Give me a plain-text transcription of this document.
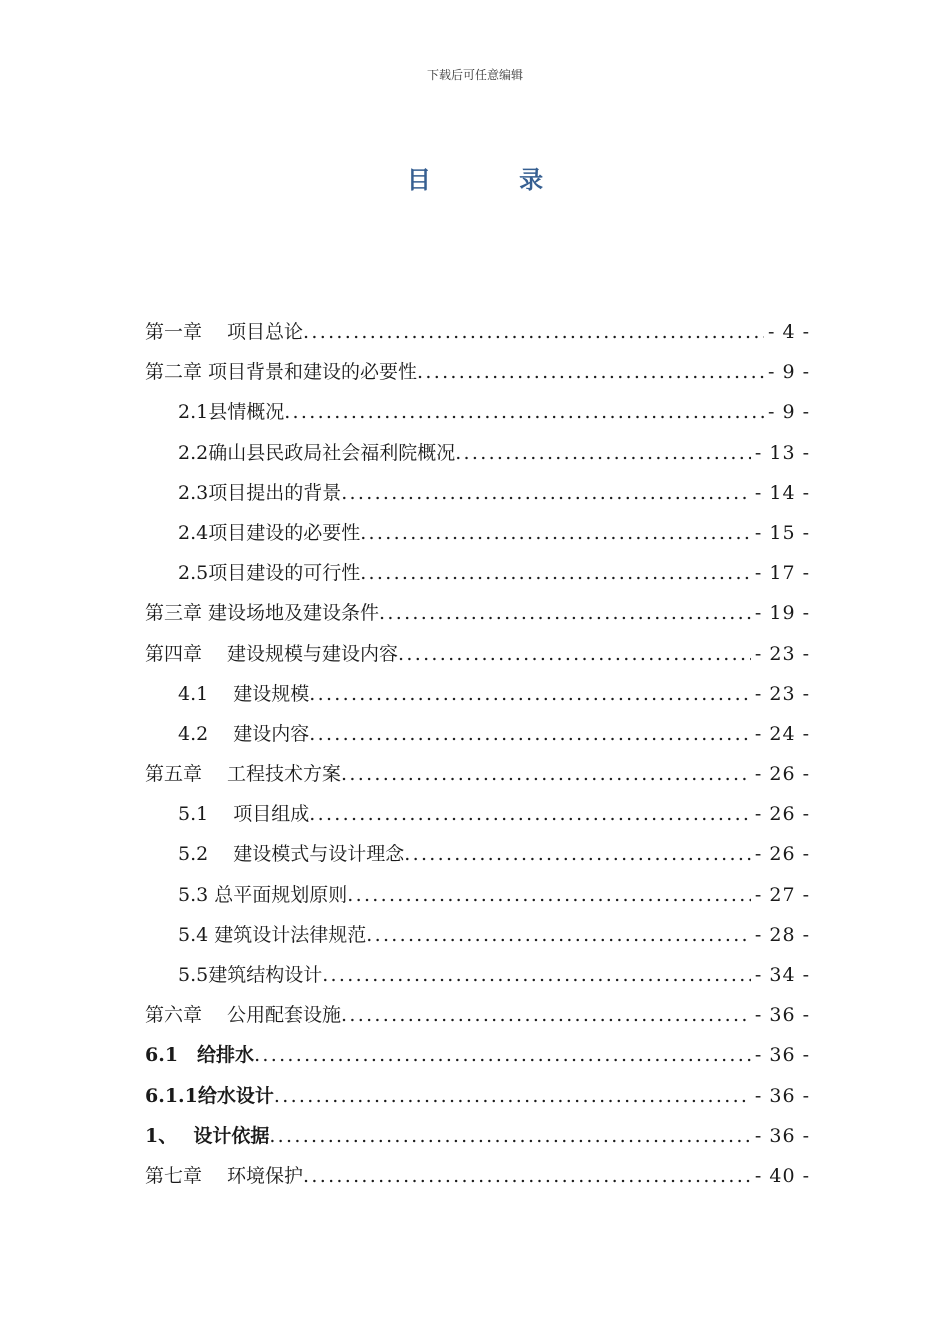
下载后可任意编辑
目 录
第一章　 项目总论 .....	- 4 -
第二章 项目背景和建设的必要性 .....	- 9 -
2.1县情概况 .....	- 9 -
2.2确山县民政局社会福利院概况 .....	- 13 -
2.3项目提出的背景 .....	- 14 -
2.4项目建设的必要性 .....	- 15 -
2.5项目建设的可行性 .....	- 17 -
第三章 建设场地及建设条件 .....	- 19 -
第四章　 建设规模与建设内容 .....	- 23 -
4.1　 建设规模 .....	- 23 -
4.2　 建设内容 .....	- 24 -
第五章　 工程技术方案 .....	- 26 -
5.1　 项目组成 .....	- 26 -
5.2　 建设模式与设计理念 .....	- 26 -
5.3 总平面规划原则 .....	- 27 -
5.4 建筑设计法律规范 .....	- 28 -
5.5建筑结构设计 .....	- 34 -
第六章　 公用配套设施 .....	- 36 -
6.1　给排水 .....	- 36 -
6.1.1给水设计 .....	- 36 -
1、　 设计依据 .....	- 36 -
第七章　 环境保护 .....	- 40 -
